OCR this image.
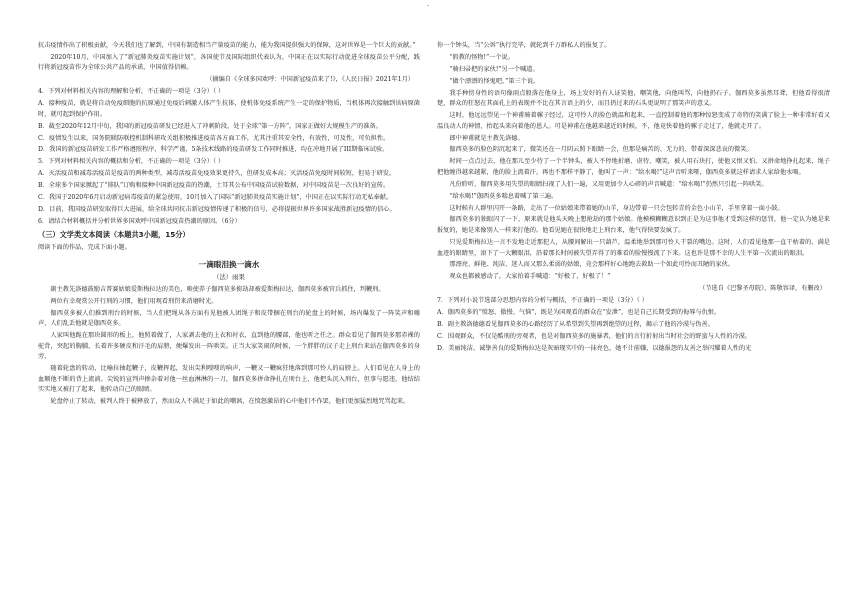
·

抗击疫情作出了积极贡献，今天我们也了解到，中国有制造相当产量疫苗的能力，能为我国提供强大的保障，这对世界是一个巨大的贡献。”

2020年10月，中国加入了“新冠肺炎疫苗实施计划”，各国使节及国际组织代表认为，中国正在以实际行动促进全球疫苗公平分配，践行将新冠疫苗作为全球公共产品的承诺，中国值得信赖。

（摘编自《全球多国欢呼：中国新冠疫苗来了!》，《人民日报》2021年1月）

4．下列对材料相关内容的理解和分析，不正确的一项是（3分）（ ）

A．接种疫苗，就是将自动免疫细胞的抗原通过免疫后刺激人体产生抗体，使机体免疫系统产生一定的保护物质，当机体再次接触到该病原菌时，就可起到保护作用。

B．截至2020年12月中旬，我国的新冠疫苗研发已经进入了冲刺阶段，处于全球“第一方阵”，国家正做好大规模生产的准备。

C．疫情发生以来，国务院联防联控机制科研攻关组积极推进疫苗各方面工作，尤其注重其安全性，有效性，可及性，可负担性。

D．我国的新冠疫苗研发工作严格遵照程序，科学严谨，5条技术线路的疫苗研发工作同时推进，均在冲地开展了III期临床试验。

5．下列对材料相关内容的概括和分析，不正确的一项是（3分）（ ）

A．灭活疫苗和减毒活疫苗是疫苗的两种类型，减毒活疫苗免疫效果更持久，但研发成本高；灭活疫苗免疫时间较短，但易于研发。

B．全球多个国家掀起了“排队”订购和接种中国新冠疫苗的热潮，土耳其公布中国疫苗试验数据，对中国疫苗是一次良好的宣传。

C．我国于2020年6月启动新冠病毒疫苗的紧急使用，10月加入了国际“新冠肺炎疫苗实施计划”，中国正在以实际行动无私奉献。

D．目前，我国疫苗研发取得巨大进展，给全球共同抗击新冠疫情传递了积极的信号，必将提振世界许多国家战胜新冠疫情的信心。

6．请结合材料概括并分析世界多国欢呼中国新冠疫苗热潮的原因。（6分）

（三）文学类文本阅读（本题共3小题，15分）

阅读下面的作品，完成下面小题。

一滴眼泪换一滴水

（法）雨果

副主教先洛德鼓励吉普赛姑娘爱斯梅拉达的美色，唆使养子伽西莫多掳劫却被爱斯梅拉达，伽西莫多被官兵抓住，判鞭刑。

两位有幸观赏公开行刑的习惯，他们用观看刑罚来消磨时光。

伽西莫多被人们推到刑台的时候，当人们把绳从各方面有见他被人团绳子和皮带捆在刑台的轮盘上的时候，场内爆发了一阵笑声和嘘声，人们乱丢他就是伽西莫多。

人家叫他跪在那块圆形的板上，他照着做了，人家剥去他的上衣和衬衣，直到他的腰部，他也听之任之。群众看见了伽西莫多那赤裸的驼背，突起的胸脯，长着许多硬皮和汗毛的肩膀，便爆发出一阵哄笑。正当大家笑闹的时候，一个胖胖的汉子走上刑台来站在伽西莫多的身旁，

随着轮盘的转动，比喻拉抽起鞭子，皮鞭挥起，发出尖利嗖嗖的响声，一鞭又一鞭疯狂地落到那可怜人的肩膀上。人们看见在人身上的血顺他不断的背上流淌。尖锐的宣判声掺杂着对他一丝血淋淋的一刀，伽西莫多拼命挣扎在刑台上，他把头沉入刑台，但事与愿违，他结结实实地又被打了起来，他转动自己的眼睛。

轮盘停止了转动，被判人终于被释放了，然而众人不满足于如此的嘲讽，在愤怒激昂的心中他们不作罢，他们更加猛烈地咒骂起来。

你一个钟头，当“公诉”执行完毕，就轮到千万群私人的报复了。

“假教的怪物!”一个说。

“骑扫帚把的家伙!”另一个喊道。

“做个漂漂的怪鬼吧。”第三个说。

我手种傍身性的语句像雨点般落在他身上，场上发好的有人证笑他，嘲笑他，向他叫骂，向他扔石子。伽西莫多虽然耳聋，但他看得很清楚，群众的狂怒在其面孔上的表现并不比在其言语上的少，而且扔过来的石头更说明了那笑声的意义。

这时，他远远望见一个神甫骑着骡子经过，这可怜人的脸色就温和起来，一直控制着他的那种惊怒变成了奇特的笑满了脸上一种非常好看又温良动人的神情，抬起头来向着他的恩人。可是神甫在他越来越近的时候，不，他竟快着他的骡子走过了，他就走开了。

郎中神甫就是主教先洛德。

伽西莫多的脸色阴沉起来了，微笑还在一月阴云照下眼睛一会，但那是痛苦的、无力的、带着深深悲哀的微笑。

时间一点点过去，他在那儿至少待了一个半钟头，被人不停地折磨、虐待、嘲笑，被人用石块打，使他又恨又怕、又拼命地挣扎起来，绳子把他缠得越来越紧，他的脸上流着汗，再也不那样平静了，他叫了一声：“给水喝!”这声音听来哑，伽西莫多就这样请求人家给他水喝。

凡份聆听，伽西莫多用失望的眼睛扫视了人们一遍，又用更加令人心碎的声音喊道：“给水喝!”仍然只引起一阵哄笑。

“给水喝!”伽西莫多喘息着喊了第三遍。

这时候有人群里闪开一条路，走出了一位姑娘来带着她的山羊，身边带着一只会包转青的金色小山羊，手里拿着一面小鼓。

伽西莫多的独眼闪了一下，原来就是他头天晚上想抢劫的那个姑娘。他模模糊糊意识到正是为这事他才受到这样的惩罚，他一定认为她是来报复的，她是来像别人一样来打他的。他看见她在很快地走上刑台来，他气得快要发疯了。

只见爱斯梅拉达一言不发地走近那犯人，从腰间解出一只葫芦，温柔地举到那可怜人干裂的嘴边。这时，人们看见他那一直干枯着的、满是血迹的眼睛里，滚下了一大颗眼泪，沿着那长时间被失望弄得了的难看的脸慢慢流了下来。这也许是那不幸的人生平第一次流出的眼泪。

那漂亮、鲜艳、纯洁、迷人而又那么柔弱的姑娘，竟会那样好心地跑去救助一个如此可怜而丑陋的家伙。

观众也都被感动了，大家拍着手喊道：“好极了，好极了！”

（节选自《巴黎圣母院》，陈敬容译，有删改）

7．下列对小说节选部分思想内容的分析与概括，不正确的一项是（3分）（ ）

A．伽西莫多的“愤怒、傲慢、气恼”，既是为国观看的群众在“发泄”，也是自己长期受到的侮辱与仇恨。

B．副主教洛德德看见伽西莫多的心路经历了从希望到失望再到绝望的过程，揭示了他的冷漠与伪善。

C．围观群众，不仅是酷刑的旁观者，也是对伽西莫多的施暴者，他们的言行折射出当时社会的野蛮与人性的冷漠。

D．美丽纯洁、诚挚善良的爱斯梅拉达是灰暗现实中的一抹亮色，她不计前嫌，以德报怨的友善之举闪耀着人性的光
